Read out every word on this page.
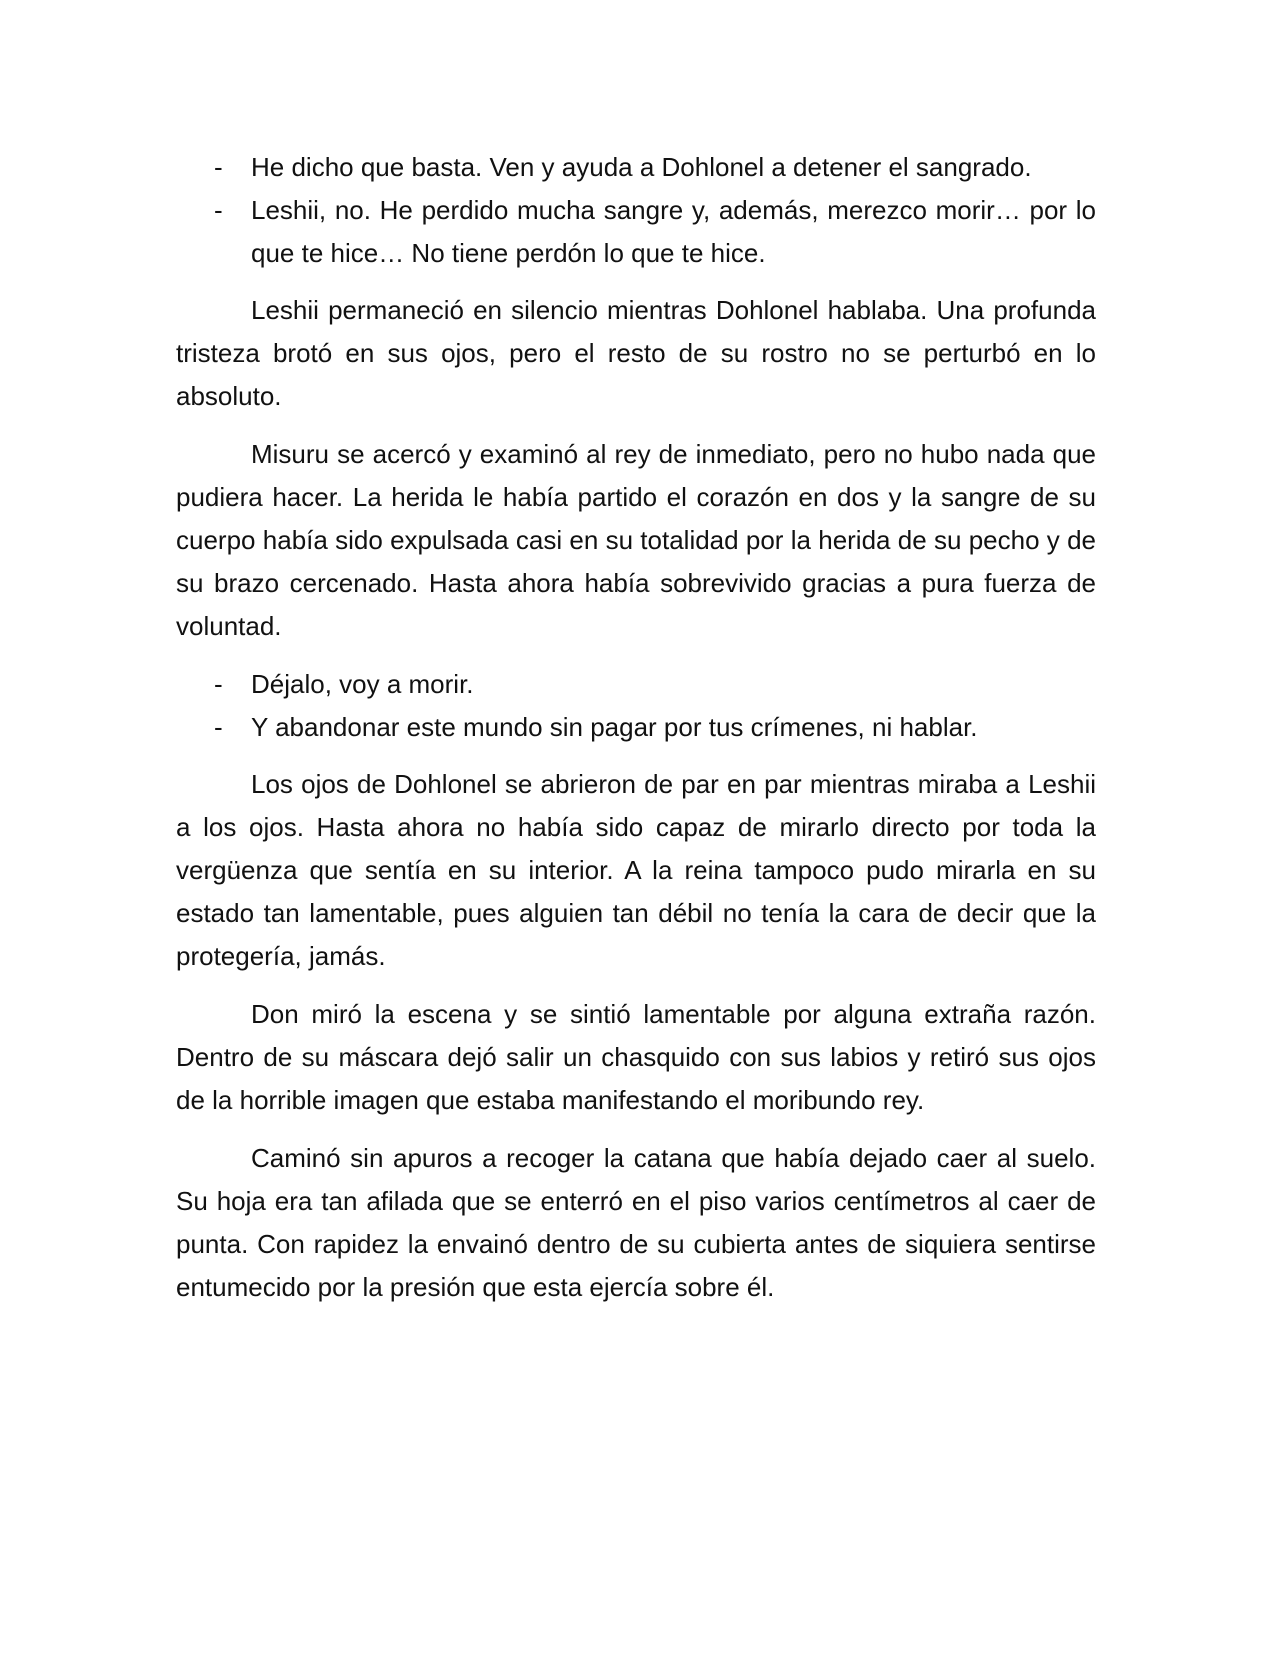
- He dicho que basta. Ven y ayuda a Dohlonel a detener el sangrado.

- Leshii, no. He perdido mucha sangre y, además, merezco morir… por lo que te hice… No tiene perdón lo que te hice.

Leshii permaneció en silencio mientras Dohlonel hablaba. Una profunda tristeza brotó en sus ojos, pero el resto de su rostro no se perturbó en lo absoluto.

Misuru se acercó y examinó al rey de inmediato, pero no hubo nada que pudiera hacer. La herida le había partido el corazón en dos y la sangre de su cuerpo había sido expulsada casi en su totalidad por la herida de su pecho y de su brazo cercenado. Hasta ahora había sobrevivido gracias a pura fuerza de voluntad.

- Déjalo, voy a morir.

- Y abandonar este mundo sin pagar por tus crímenes, ni hablar.

Los ojos de Dohlonel se abrieron de par en par mientras miraba a Leshii a los ojos. Hasta ahora no había sido capaz de mirarlo directo por toda la vergüenza que sentía en su interior. A la reina tampoco pudo mirarla en su estado tan lamentable, pues alguien tan débil no tenía la cara de decir que la protegería, jamás.

Don miró la escena y se sintió lamentable por alguna extraña razón. Dentro de su máscara dejó salir un chasquido con sus labios y retiró sus ojos de la horrible imagen que estaba manifestando el moribundo rey.

Caminó sin apuros a recoger la catana que había dejado caer al suelo. Su hoja era tan afilada que se enterró en el piso varios centímetros al caer de punta. Con rapidez la envainó dentro de su cubierta antes de siquiera sentirse entumecido por la presión que esta ejercía sobre él.
